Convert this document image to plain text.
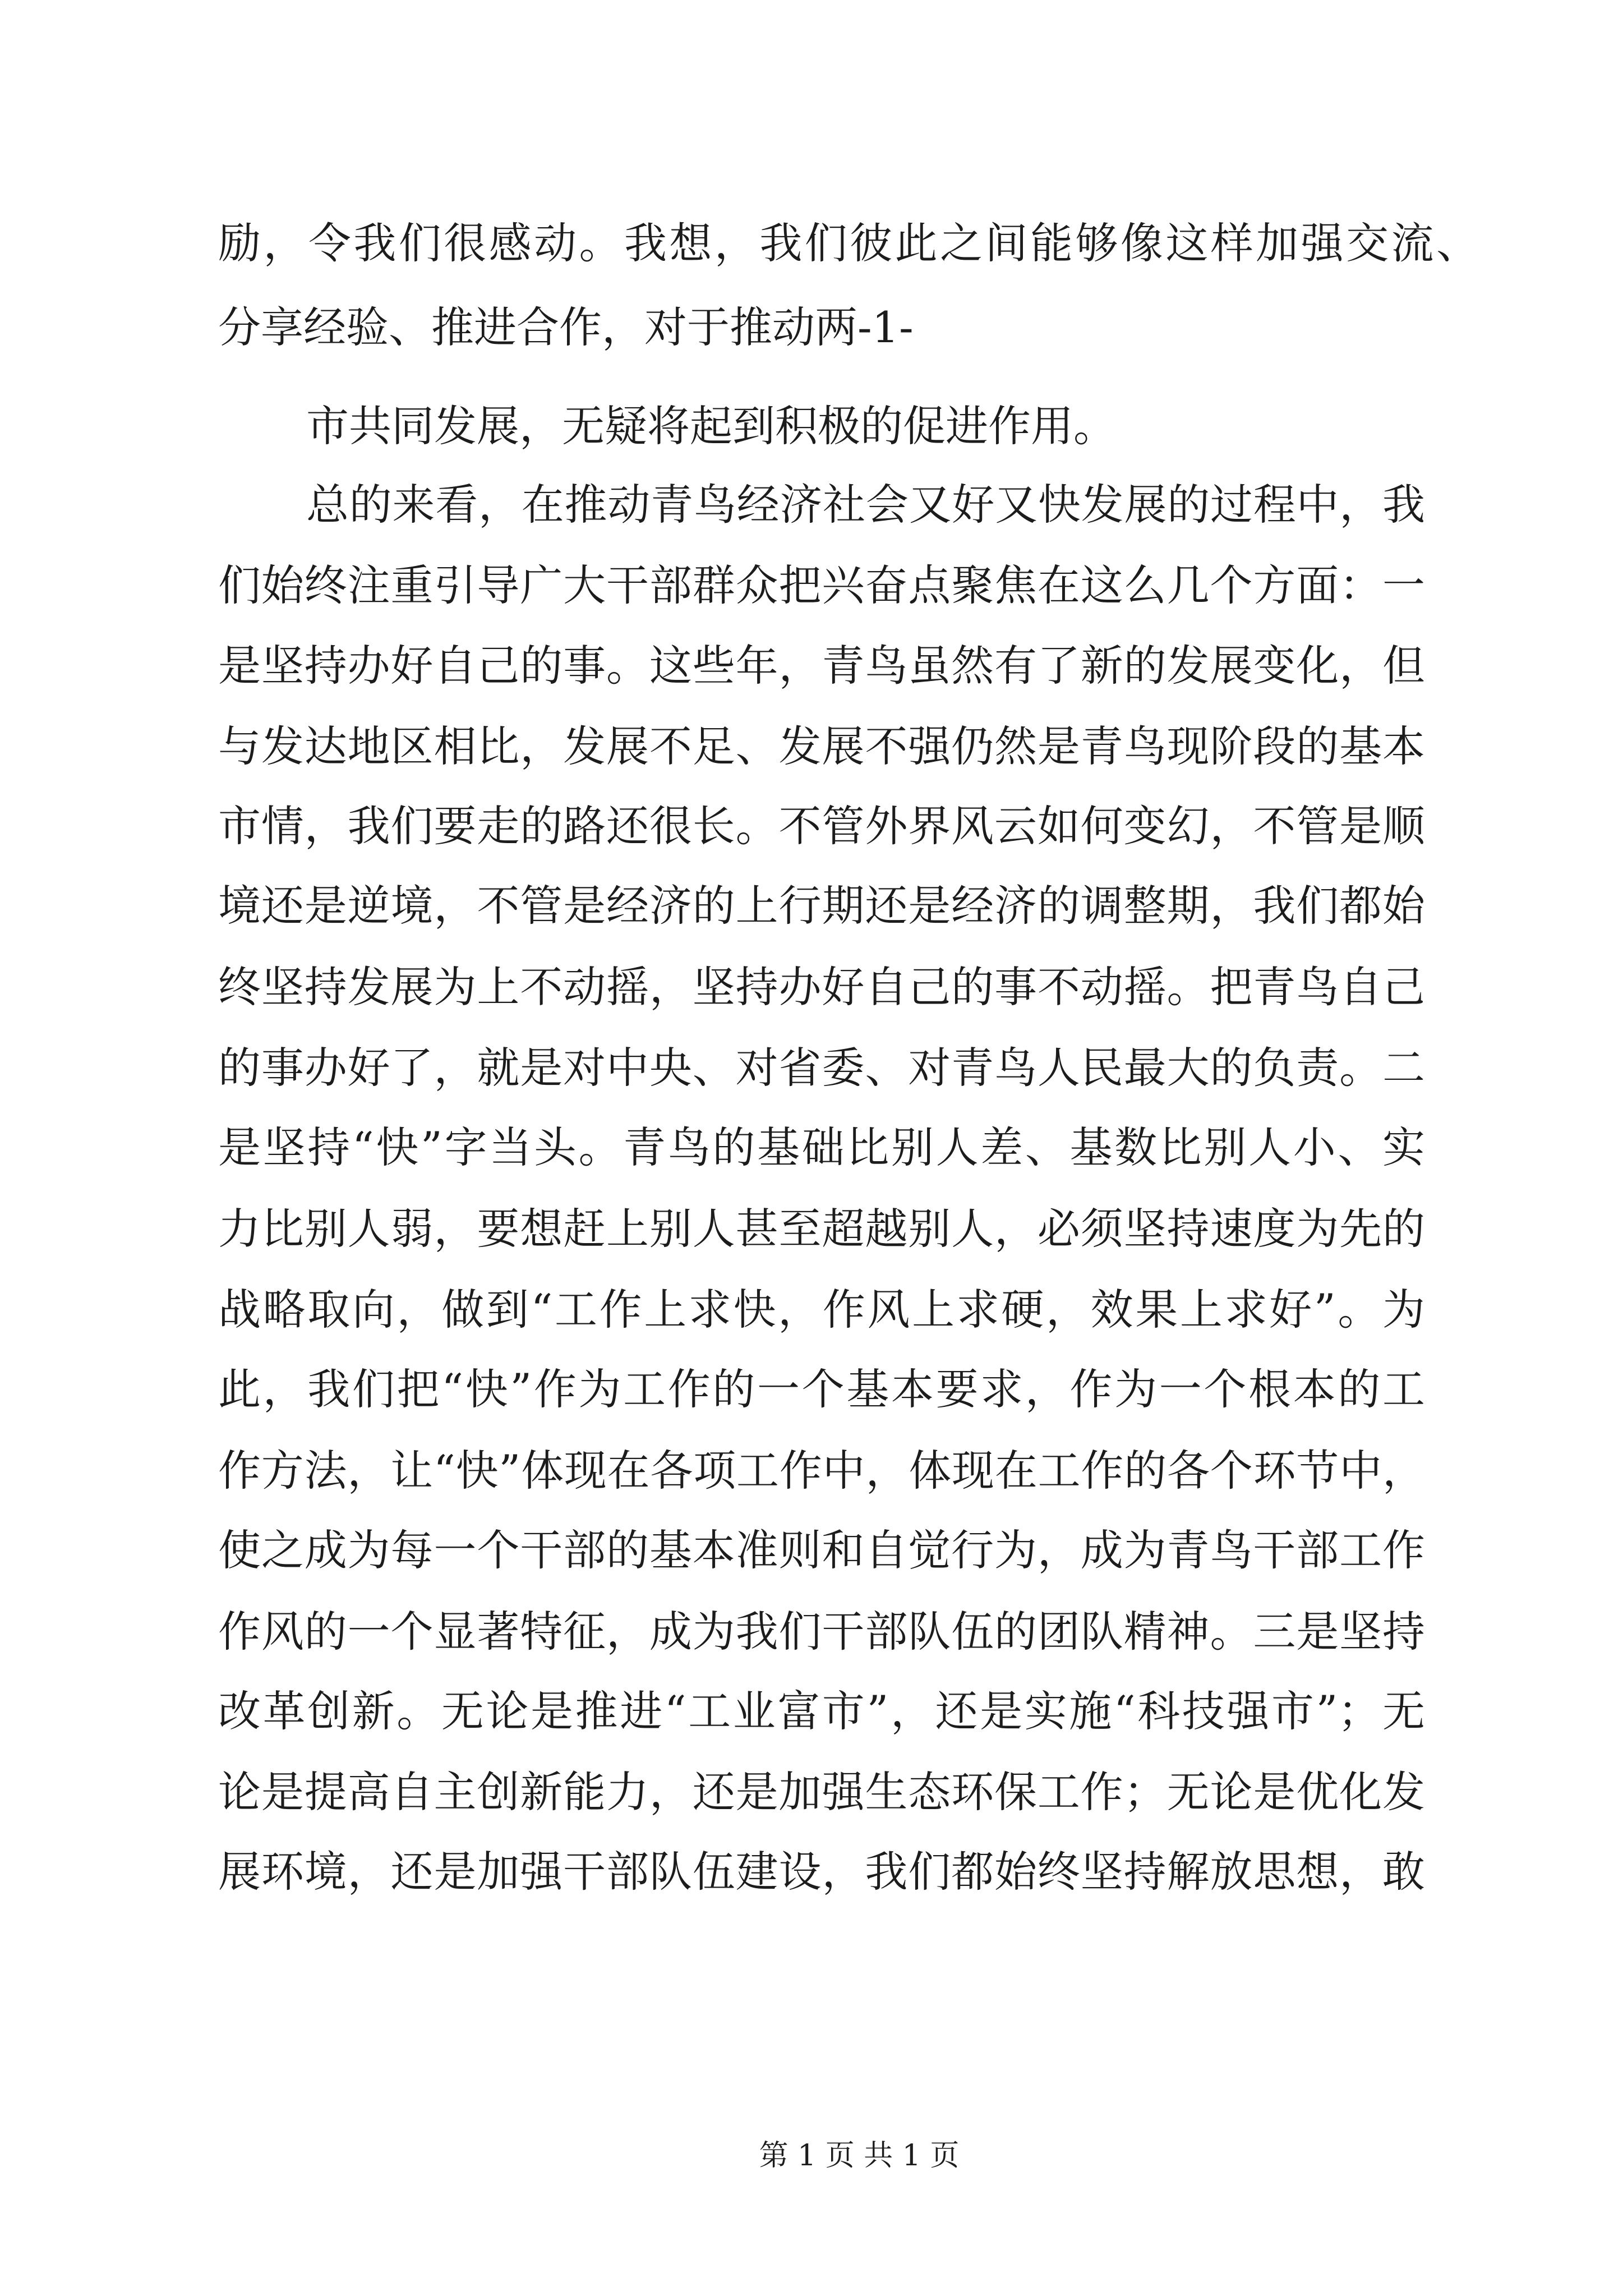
励，令我们很感动。我想，我们彼此之间能够像这样加强交流、
分享经验、推进合作，对于推动两-1-
市共同发展，无疑将起到积极的促进作用。
总的来看，在推动青鸟经济社会又好又快发展的过程中，我
们始终注重引导广大干部群众把兴奋点聚焦在这么几个方面：一
是坚持办好自己的事。这些年，青鸟虽然有了新的发展变化，但
与发达地区相比，发展不足、发展不强仍然是青鸟现阶段的基本
市情，我们要走的路还很长。不管外界风云如何变幻，不管是顺
境还是逆境，不管是经济的上行期还是经济的调整期，我们都始
终坚持发展为上不动摇，坚持办好自己的事不动摇。把青鸟自己
的事办好了，就是对中央、对省委、对青鸟人民最大的负责。二
是坚持“快”字当头。青鸟的基础比别人差、基数比别人小、实
力比别人弱，要想赶上别人甚至超越别人，必须坚持速度为先的
战略取向，做到“工作上求快，作风上求硬，效果上求好”。为
此，我们把“快”作为工作的一个基本要求，作为一个根本的工
作方法，让“快”体现在各项工作中，体现在工作的各个环节中，
使之成为每一个干部的基本准则和自觉行为，成为青鸟干部工作
作风的一个显著特征，成为我们干部队伍的团队精神。三是坚持
改革创新。无论是推进“工业富市”，还是实施“科技强市”；无
论是提高自主创新能力，还是加强生态环保工作；无论是优化发
展环境，还是加强干部队伍建设，我们都始终坚持解放思想，敢
第 1 页 共 1 页
